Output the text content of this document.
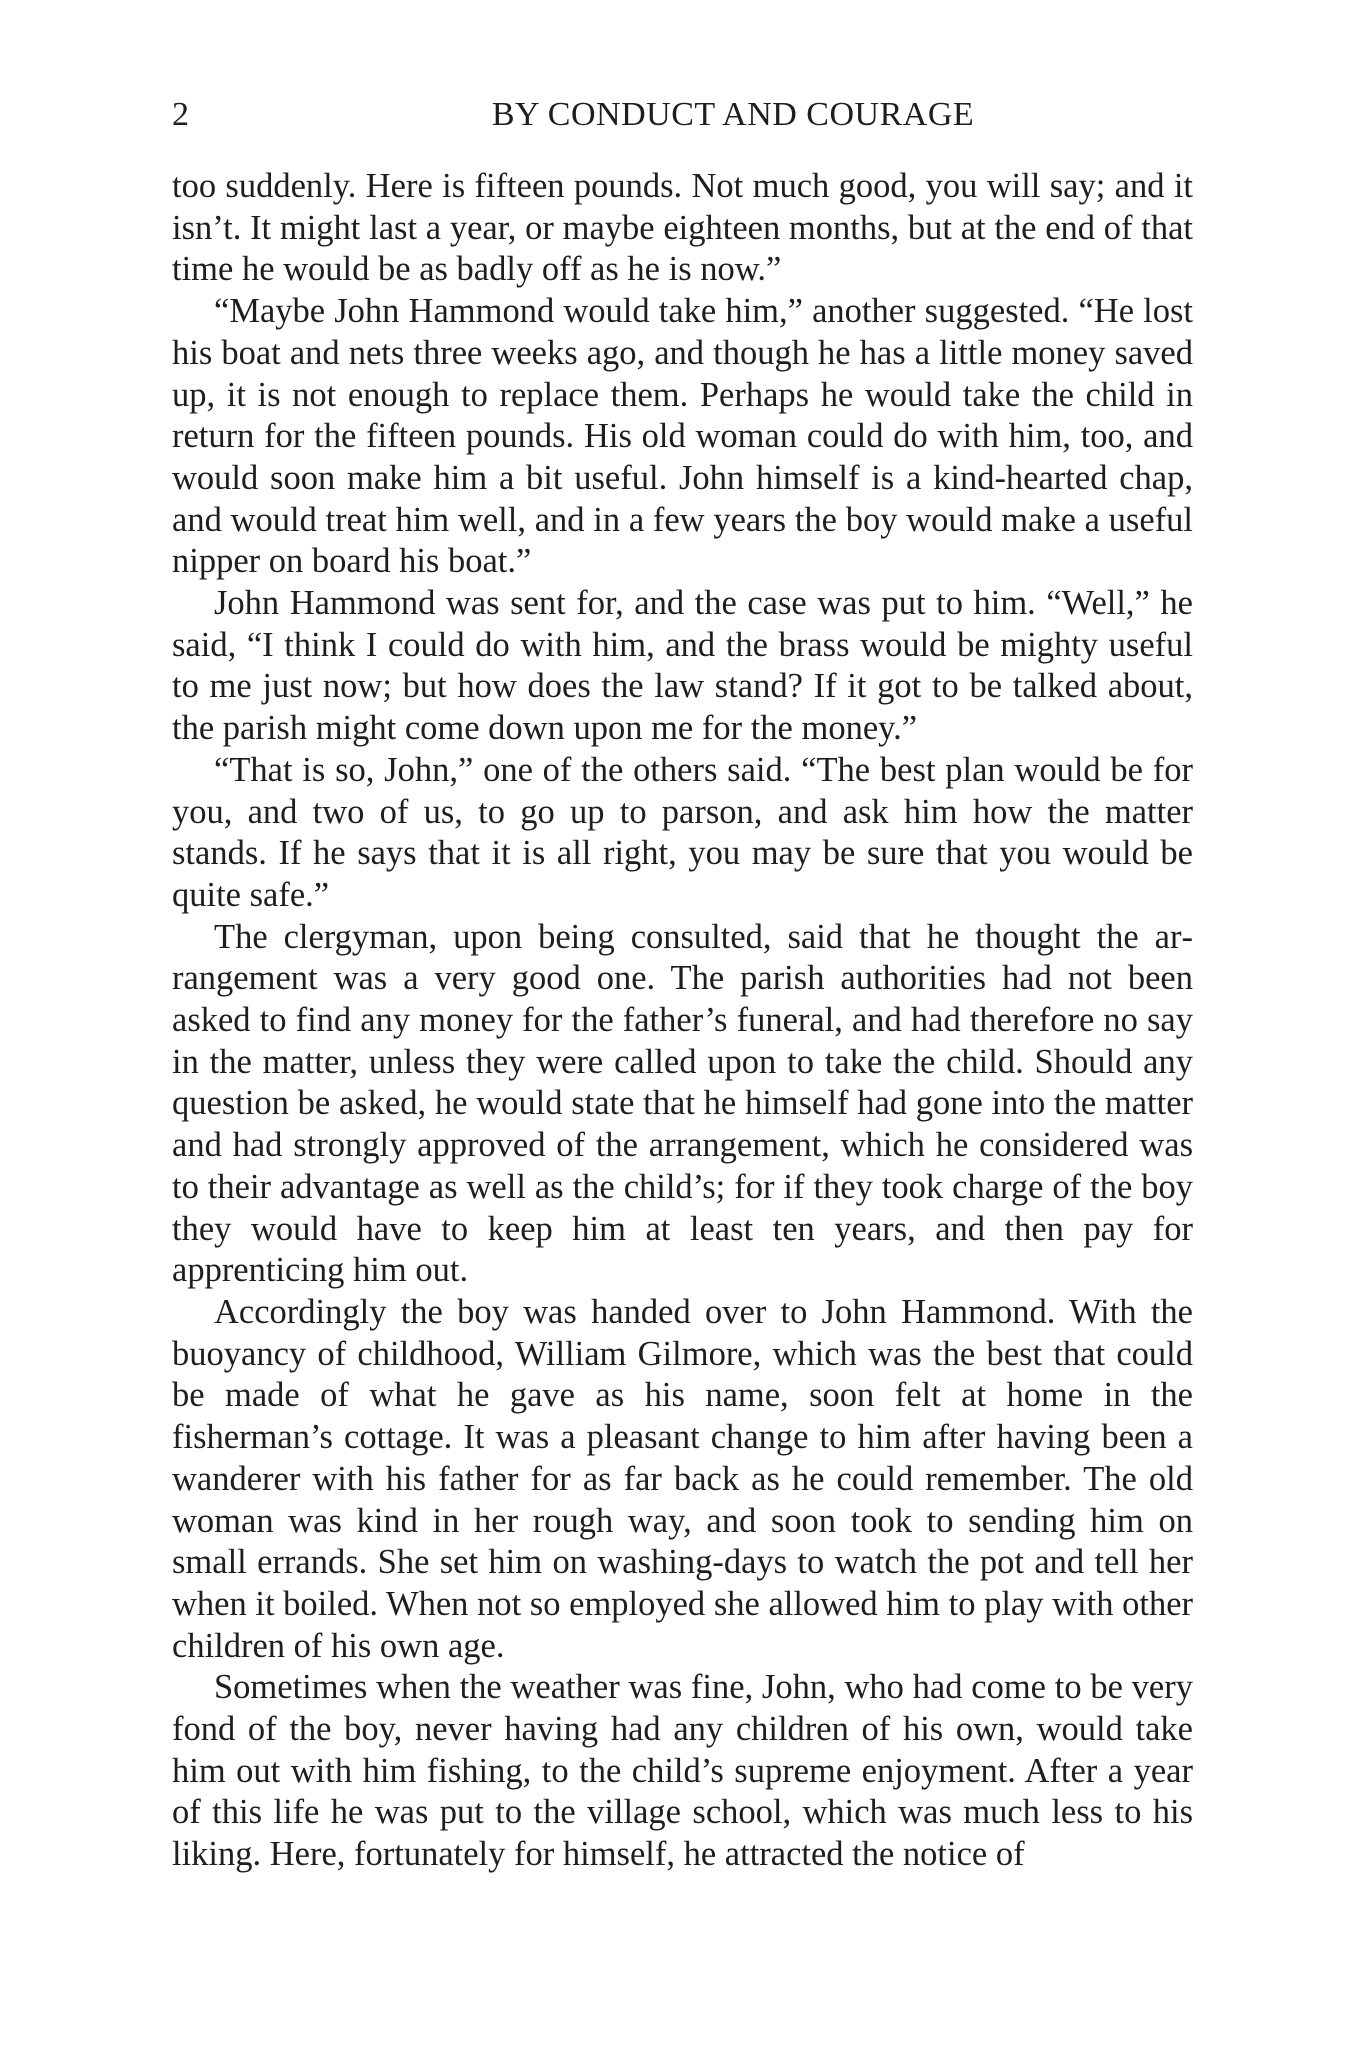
2	BY CONDUCT AND COURAGE

too suddenly. Here is fifteen pounds. Not much good, you will say; and it isn’t. It might last a year, or maybe eighteen months, but at the end of that time he would be as badly off as he is now.”

“Maybe John Hammond would take him,” another suggested. “He lost his boat and nets three weeks ago, and though he has a little money saved up, it is not enough to replace them. Perhaps he would take the child in return for the fifteen pounds. His old woman could do with him, too, and would soon make him a bit useful. John himself is a kind-hearted chap, and would treat him well, and in a few years the boy would make a useful nipper on board his boat.”

John Hammond was sent for, and the case was put to him. “Well,” he said, “I think I could do with him, and the brass would be mighty useful to me just now; but how does the law stand? If it got to be talked about, the parish might come down upon me for the money.”

“That is so, John,” one of the others said. “The best plan would be for you, and two of us, to go up to parson, and ask him how the matter stands. If he says that it is all right, you may be sure that you would be quite safe.”

The clergyman, upon being consulted, said that he thought the arrangement was a very good one. The parish authorities had not been asked to find any money for the father’s funeral, and had therefore no say in the matter, unless they were called upon to take the child. Should any question be asked, he would state that he himself had gone into the matter and had strongly approved of the arrangement, which he considered was to their advantage as well as the child’s; for if they took charge of the boy they would have to keep him at least ten years, and then pay for apprenticing him out.

Accordingly the boy was handed over to John Hammond. With the buoyancy of childhood, William Gilmore, which was the best that could be made of what he gave as his name, soon felt at home in the fisherman’s cottage. It was a pleasant change to him after having been a wanderer with his father for as far back as he could remember. The old woman was kind in her rough way, and soon took to sending him on small errands. She set him on washing-days to watch the pot and tell her when it boiled. When not so employed she allowed him to play with other children of his own age.

Sometimes when the weather was fine, John, who had come to be very fond of the boy, never having had any children of his own, would take him out with him fishing, to the child’s supreme enjoyment. After a year of this life he was put to the village school, which was much less to his liking. Here, fortunately for himself, he attracted the notice of
